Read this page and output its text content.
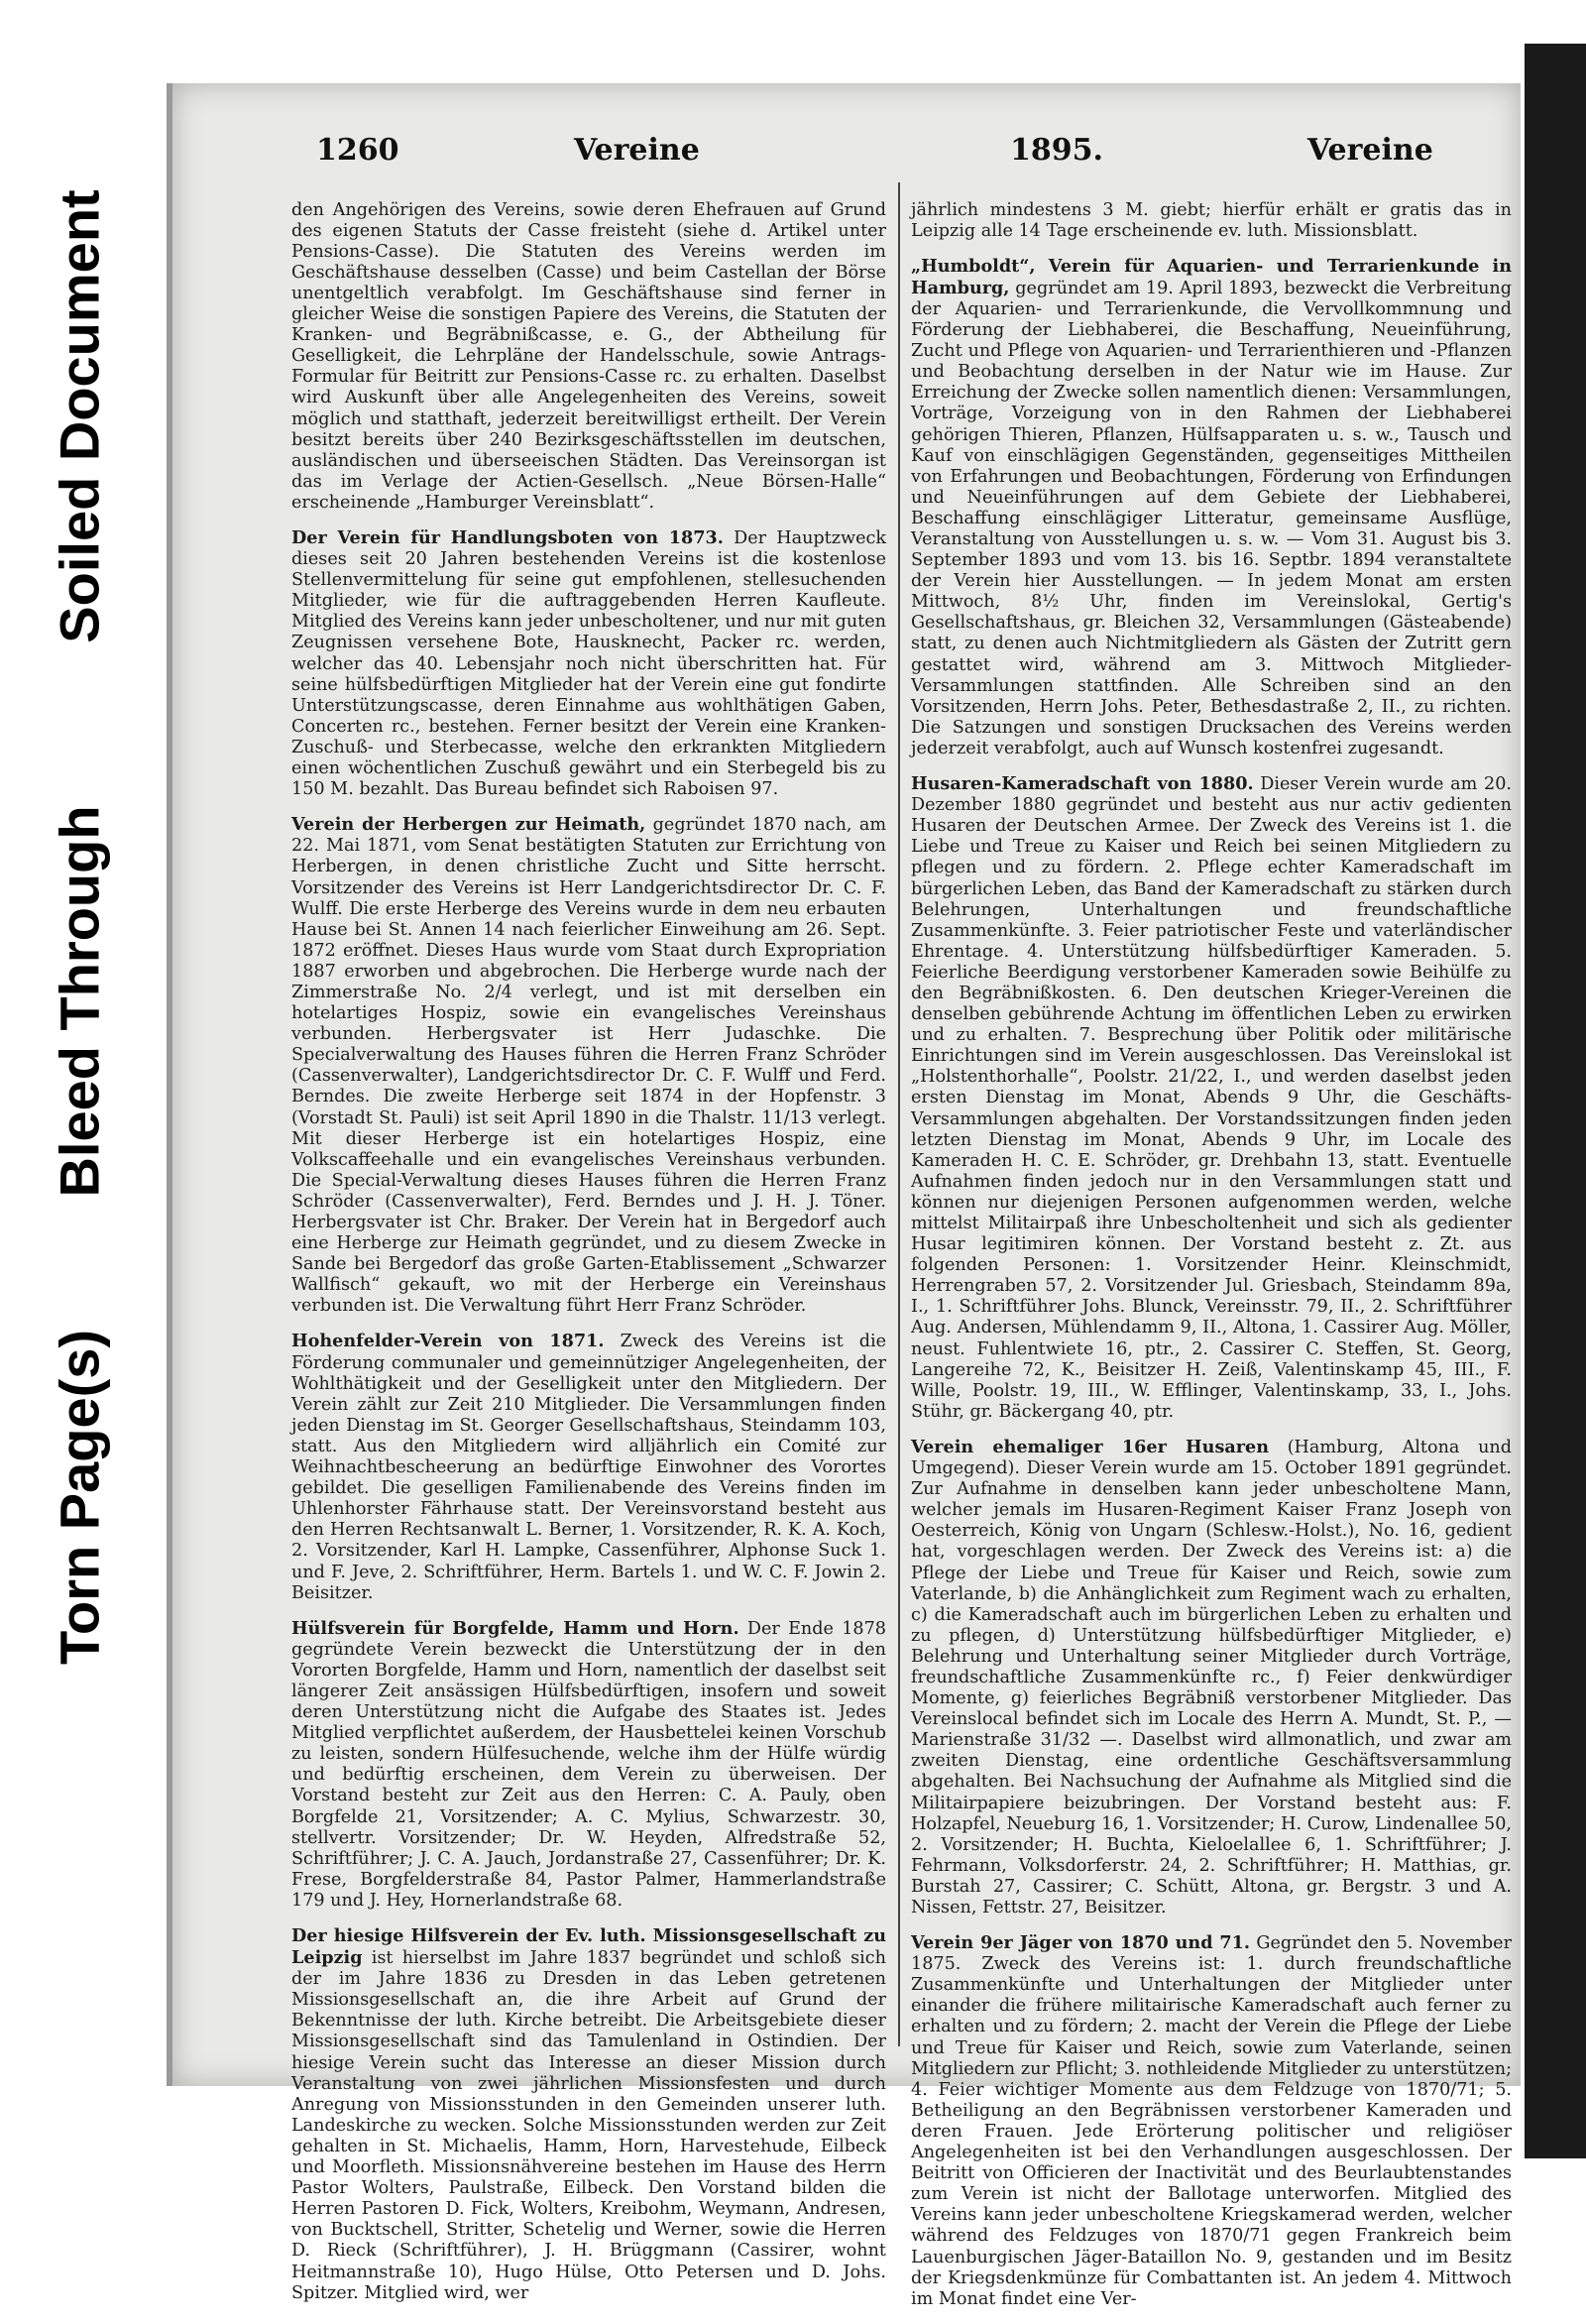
Soiled Document
Bleed Through
Torn Page(s)
1260	Vereine	1895.	Vereine

den Angehörigen des Vereins, sowie deren Ehefrauen auf Grund des eigenen Statuts der Casse freisteht (siehe d. Artikel unter Pensions-Casse). Die Statuten des Vereins werden im Geschäftshause desselben (Casse) und beim Castellan der Börse unentgeltlich verabfolgt. Im Geschäftshause sind ferner in gleicher Weise die sonstigen Papiere des Vereins, die Statuten der Kranken- und Begräbnißcasse, e. G., der Abtheilung für Geselligkeit, die Lehrpläne der Handelsschule, sowie Antrags-Formular für Beitritt zur Pensions-Casse rc. zu erhalten. Daselbst wird Auskunft über alle Angelegenheiten des Vereins, soweit möglich und statthaft, jederzeit bereitwilligst ertheilt. Der Verein besitzt bereits über 240 Bezirksgeschäftsstellen im deutschen, ausländischen und überseeischen Städten. Das Vereinsorgan ist das im Verlage der Actien-Gesellsch. „Neue Börsen-Halle“ erscheinende „Hamburger Vereinsblatt“.

Der Verein für Handlungsboten von 1873. Der Hauptzweck dieses seit 20 Jahren bestehenden Vereins ist die kostenlose Stellenvermittelung für seine gut empfohlenen, stellesuchenden Mitglieder, wie für die auftraggebenden Herren Kaufleute. Mitglied des Vereins kann jeder unbescholtener, und nur mit guten Zeugnissen versehene Bote, Hausknecht, Packer rc. werden, welcher das 40. Lebensjahr noch nicht überschritten hat. Für seine hülfsbedürftigen Mitglieder hat der Verein eine gut fondirte Unterstützungscasse, deren Einnahme aus wohlthätigen Gaben, Concerten rc., bestehen. Ferner besitzt der Verein eine Kranken-Zuschuß- und Sterbecasse, welche den erkrankten Mitgliedern einen wöchentlichen Zuschuß gewährt und ein Sterbegeld bis zu 150 M. bezahlt. Das Bureau befindet sich Raboisen 97.

Verein der Herbergen zur Heimath, gegründet 1870 nach, am 22. Mai 1871, vom Senat bestätigten Statuten zur Errichtung von Herbergen, in denen christliche Zucht und Sitte herrscht. Vorsitzender des Vereins ist Herr Landgerichtsdirector Dr. C. F. Wulff. Die erste Herberge des Vereins wurde in dem neu erbauten Hause bei St. Annen 14 nach feierlicher Einweihung am 26. Sept. 1872 eröffnet. Dieses Haus wurde vom Staat durch Expropriation 1887 erworben und abgebrochen. Die Herberge wurde nach der Zimmerstraße No. 2/4 verlegt, und ist mit derselben ein hotelartiges Hospiz, sowie ein evangelisches Vereinshaus verbunden. Herbergsvater ist Herr Judaschke. Die Specialverwaltung des Hauses führen die Herren Franz Schröder (Cassenverwalter), Landgerichtsdirector Dr. C. F. Wulff und Ferd. Berndes. Die zweite Herberge seit 1874 in der Hopfenstr. 3 (Vorstadt St. Pauli) ist seit April 1890 in die Thalstr. 11/13 verlegt. Mit dieser Herberge ist ein hotelartiges Hospiz, eine Volkscaffeehalle und ein evangelisches Vereinshaus verbunden. Die Special-Verwaltung dieses Hauses führen die Herren Franz Schröder (Cassenverwalter), Ferd. Berndes und J. H. J. Töner. Herbergsvater ist Chr. Braker. Der Verein hat in Bergedorf auch eine Herberge zur Heimath gegründet, und zu diesem Zwecke in Sande bei Bergedorf das große Garten-Etablissement „Schwarzer Wallfisch“ gekauft, wo mit der Herberge ein Vereinshaus verbunden ist. Die Verwaltung führt Herr Franz Schröder.

Hohenfelder-Verein von 1871. Zweck des Vereins ist die Förderung communaler und gemeinnütziger Angelegenheiten, der Wohlthätigkeit und der Geselligkeit unter den Mitgliedern. Der Verein zählt zur Zeit 210 Mitglieder. Die Versammlungen finden jeden Dienstag im St. Georger Gesellschaftshaus, Steindamm 103, statt. Aus den Mitgliedern wird alljährlich ein Comité zur Weihnachtbescheerung an bedürftige Einwohner des Vorortes gebildet. Die geselligen Familienabende des Vereins finden im Uhlenhorster Fährhause statt. Der Vereinsvorstand besteht aus den Herren Rechtsanwalt L. Berner, 1. Vorsitzender, R. K. A. Koch, 2. Vorsitzender, Karl H. Lampke, Cassenführer, Alphonse Suck 1. und F. Jeve, 2. Schriftführer, Herm. Bartels 1. und W. C. F. Jowin 2. Beisitzer.

Hülfsverein für Borgfelde, Hamm und Horn. Der Ende 1878 gegründete Verein bezweckt die Unterstützung der in den Vororten Borgfelde, Hamm und Horn, namentlich der daselbst seit längerer Zeit ansässigen Hülfsbedürftigen, insofern und soweit deren Unterstützung nicht die Aufgabe des Staates ist. Jedes Mitglied verpflichtet außerdem, der Hausbettelei keinen Vorschub zu leisten, sondern Hülfesuchende, welche ihm der Hülfe würdig und bedürftig erscheinen, dem Verein zu überweisen. Der Vorstand besteht zur Zeit aus den Herren: C. A. Pauly, oben Borgfelde 21, Vorsitzender; A. C. Mylius, Schwarzestr. 30, stellvertr. Vorsitzender; Dr. W. Heyden, Alfredstraße 52, Schriftführer; J. C. A. Jauch, Jordanstraße 27, Cassenführer; Dr. K. Frese, Borgfelderstraße 84, Pastor Palmer, Hammerlandstraße 179 und J. Hey, Hornerlandstraße 68.

Der hiesige Hilfsverein der Ev. luth. Missionsgesellschaft zu Leipzig ist hierselbst im Jahre 1837 begründet und schloß sich der im Jahre 1836 zu Dresden in das Leben getretenen Missionsgesellschaft an, die ihre Arbeit auf Grund der Bekenntnisse der luth. Kirche betreibt. Die Arbeitsgebiete dieser Missionsgesellschaft sind das Tamulenland in Ostindien. Der hiesige Verein sucht das Interesse an dieser Mission durch Veranstaltung von zwei jährlichen Missionsfesten und durch Anregung von Missionsstunden in den Gemeinden unserer luth. Landeskirche zu wecken. Solche Missionsstunden werden zur Zeit gehalten in St. Michaelis, Hamm, Horn, Harvestehude, Eilbeck und Moorfleth. Missionsnähvereine bestehen im Hause des Herrn Pastor Wolters, Paulstraße, Eilbeck. Den Vorstand bilden die Herren Pastoren D. Fick, Wolters, Kreibohm, Weymann, Andresen, von Bucktschell, Stritter, Schetelig und Werner, sowie die Herren D. Rieck (Schriftführer), J. H. Brüggmann (Cassirer, wohnt Heitmannstraße 10), Hugo Hülse, Otto Petersen und D. Johs. Spitzer. Mitglied wird, wer

jährlich mindestens 3 M. giebt; hierfür erhält er gratis das in Leipzig alle 14 Tage erscheinende ev. luth. Missionsblatt.

„Humboldt“, Verein für Aquarien- und Terrarienkunde in Hamburg, gegründet am 19. April 1893, bezweckt die Verbreitung der Aquarien- und Terrarienkunde, die Vervollkommnung und Förderung der Liebhaberei, die Beschaffung, Neueinführung, Zucht und Pflege von Aquarien- und Terrarienthieren und -Pflanzen und Beobachtung derselben in der Natur wie im Hause. Zur Erreichung der Zwecke sollen namentlich dienen: Versammlungen, Vorträge, Vorzeigung von in den Rahmen der Liebhaberei gehörigen Thieren, Pflanzen, Hülfsapparaten u. s. w., Tausch und Kauf von einschlägigen Gegenständen, gegenseitiges Mittheilen von Erfahrungen und Beobachtungen, Förderung von Erfindungen und Neueinführungen auf dem Gebiete der Liebhaberei, Beschaffung einschlägiger Litteratur, gemeinsame Ausflüge, Veranstaltung von Ausstellungen u. s. w. — Vom 31. August bis 3. September 1893 und vom 13. bis 16. Septbr. 1894 veranstaltete der Verein hier Ausstellungen. — In jedem Monat am ersten Mittwoch, 8½ Uhr, finden im Vereinslokal, Gertig's Gesellschaftshaus, gr. Bleichen 32, Versammlungen (Gästeabende) statt, zu denen auch Nichtmitgliedern als Gästen der Zutritt gern gestattet wird, während am 3. Mittwoch Mitglieder-Versammlungen stattfinden. Alle Schreiben sind an den Vorsitzenden, Herrn Johs. Peter, Bethesdastraße 2, II., zu richten. Die Satzungen und sonstigen Drucksachen des Vereins werden jederzeit verabfolgt, auch auf Wunsch kostenfrei zugesandt.

Husaren-Kameradschaft von 1880. Dieser Verein wurde am 20. Dezember 1880 gegründet und besteht aus nur activ gedienten Husaren der Deutschen Armee. Der Zweck des Vereins ist 1. die Liebe und Treue zu Kaiser und Reich bei seinen Mitgliedern zu pflegen und zu fördern. 2. Pflege echter Kameradschaft im bürgerlichen Leben, das Band der Kameradschaft zu stärken durch Belehrungen, Unterhaltungen und freundschaftliche Zusammenkünfte. 3. Feier patriotischer Feste und vaterländischer Ehrentage. 4. Unterstützung hülfsbedürftiger Kameraden. 5. Feierliche Beerdigung verstorbener Kameraden sowie Beihülfe zu den Begräbnißkosten. 6. Den deutschen Krieger-Vereinen die denselben gebührende Achtung im öffentlichen Leben zu erwirken und zu erhalten. 7. Besprechung über Politik oder militärische Einrichtungen sind im Verein ausgeschlossen. Das Vereinslokal ist „Holstenthorhalle“, Poolstr. 21/22, I., und werden daselbst jeden ersten Dienstag im Monat, Abends 9 Uhr, die Geschäfts-Versammlungen abgehalten. Der Vorstandssitzungen finden jeden letzten Dienstag im Monat, Abends 9 Uhr, im Locale des Kameraden H. C. E. Schröder, gr. Drehbahn 13, statt. Eventuelle Aufnahmen finden jedoch nur in den Versammlungen statt und können nur diejenigen Personen aufgenommen werden, welche mittelst Militairpaß ihre Unbescholtenheit und sich als gedienter Husar legitimiren können. Der Vorstand besteht z. Zt. aus folgenden Personen: 1. Vorsitzender Heinr. Kleinschmidt, Herrengraben 57, 2. Vorsitzender Jul. Griesbach, Steindamm 89a, I., 1. Schriftführer Johs. Blunck, Vereinsstr. 79, II., 2. Schriftführer Aug. Andersen, Mühlendamm 9, II., Altona, 1. Cassirer Aug. Möller, neust. Fuhlentwiete 16, ptr., 2. Cassirer C. Steffen, St. Georg, Langereihe 72, K., Beisitzer H. Zeiß, Valentinskamp 45, III., F. Wille, Poolstr. 19, III., W. Efflinger, Valentinskamp, 33, I., Johs. Stühr, gr. Bäckergang 40, ptr.

Verein ehemaliger 16er Husaren (Hamburg, Altona und Umgegend). Dieser Verein wurde am 15. October 1891 gegründet. Zur Aufnahme in denselben kann jeder unbescholtene Mann, welcher jemals im Husaren-Regiment Kaiser Franz Joseph von Oesterreich, König von Ungarn (Schlesw.-Holst.), No. 16, gedient hat, vorgeschlagen werden. Der Zweck des Vereins ist: a) die Pflege der Liebe und Treue für Kaiser und Reich, sowie zum Vaterlande, b) die Anhänglichkeit zum Regiment wach zu erhalten, c) die Kameradschaft auch im bürgerlichen Leben zu erhalten und zu pflegen, d) Unterstützung hülfsbedürftiger Mitglieder, e) Belehrung und Unterhaltung seiner Mitglieder durch Vorträge, freundschaftliche Zusammenkünfte rc., f) Feier denkwürdiger Momente, g) feierliches Begräbniß verstorbener Mitglieder. Das Vereinslocal befindet sich im Locale des Herrn A. Mundt, St. P., — Marienstraße 31/32 —. Daselbst wird allmonatlich, und zwar am zweiten Dienstag, eine ordentliche Geschäftsversammlung abgehalten. Bei Nachsuchung der Aufnahme als Mitglied sind die Militairpapiere beizubringen. Der Vorstand besteht aus: F. Holzapfel, Neueburg 16, 1. Vorsitzender; H. Curow, Lindenallee 50, 2. Vorsitzender; H. Buchta, Kieloelallee 6, 1. Schriftführer; J. Fehrmann, Volksdorferstr. 24, 2. Schriftführer; H. Matthias, gr. Burstah 27, Cassirer; C. Schütt, Altona, gr. Bergstr. 3 und A. Nissen, Fettstr. 27, Beisitzer.

Verein 9er Jäger von 1870 und 71. Gegründet den 5. November 1875. Zweck des Vereins ist: 1. durch freundschaftliche Zusammenkünfte und Unterhaltungen der Mitglieder unter einander die frühere militairische Kameradschaft auch ferner zu erhalten und zu fördern; 2. macht der Verein die Pflege der Liebe und Treue für Kaiser und Reich, sowie zum Vaterlande, seinen Mitgliedern zur Pflicht; 3. nothleidende Mitglieder zu unterstützen; 4. Feier wichtiger Momente aus dem Feldzuge von 1870/71; 5. Betheiligung an den Begräbnissen verstorbener Kameraden und deren Frauen. Jede Erörterung politischer und religiöser Angelegenheiten ist bei den Verhandlungen ausgeschlossen. Der Beitritt von Officieren der Inactivität und des Beurlaubtenstandes zum Verein ist nicht der Ballotage unterworfen. Mitglied des Vereins kann jeder unbescholtene Kriegskamerad werden, welcher während des Feldzuges von 1870/71 gegen Frankreich beim Lauenburgischen Jäger-Bataillon No. 9, gestanden und im Besitz der Kriegsdenkmünze für Combattanten ist. An jedem 4. Mittwoch im Monat findet eine Ver-
